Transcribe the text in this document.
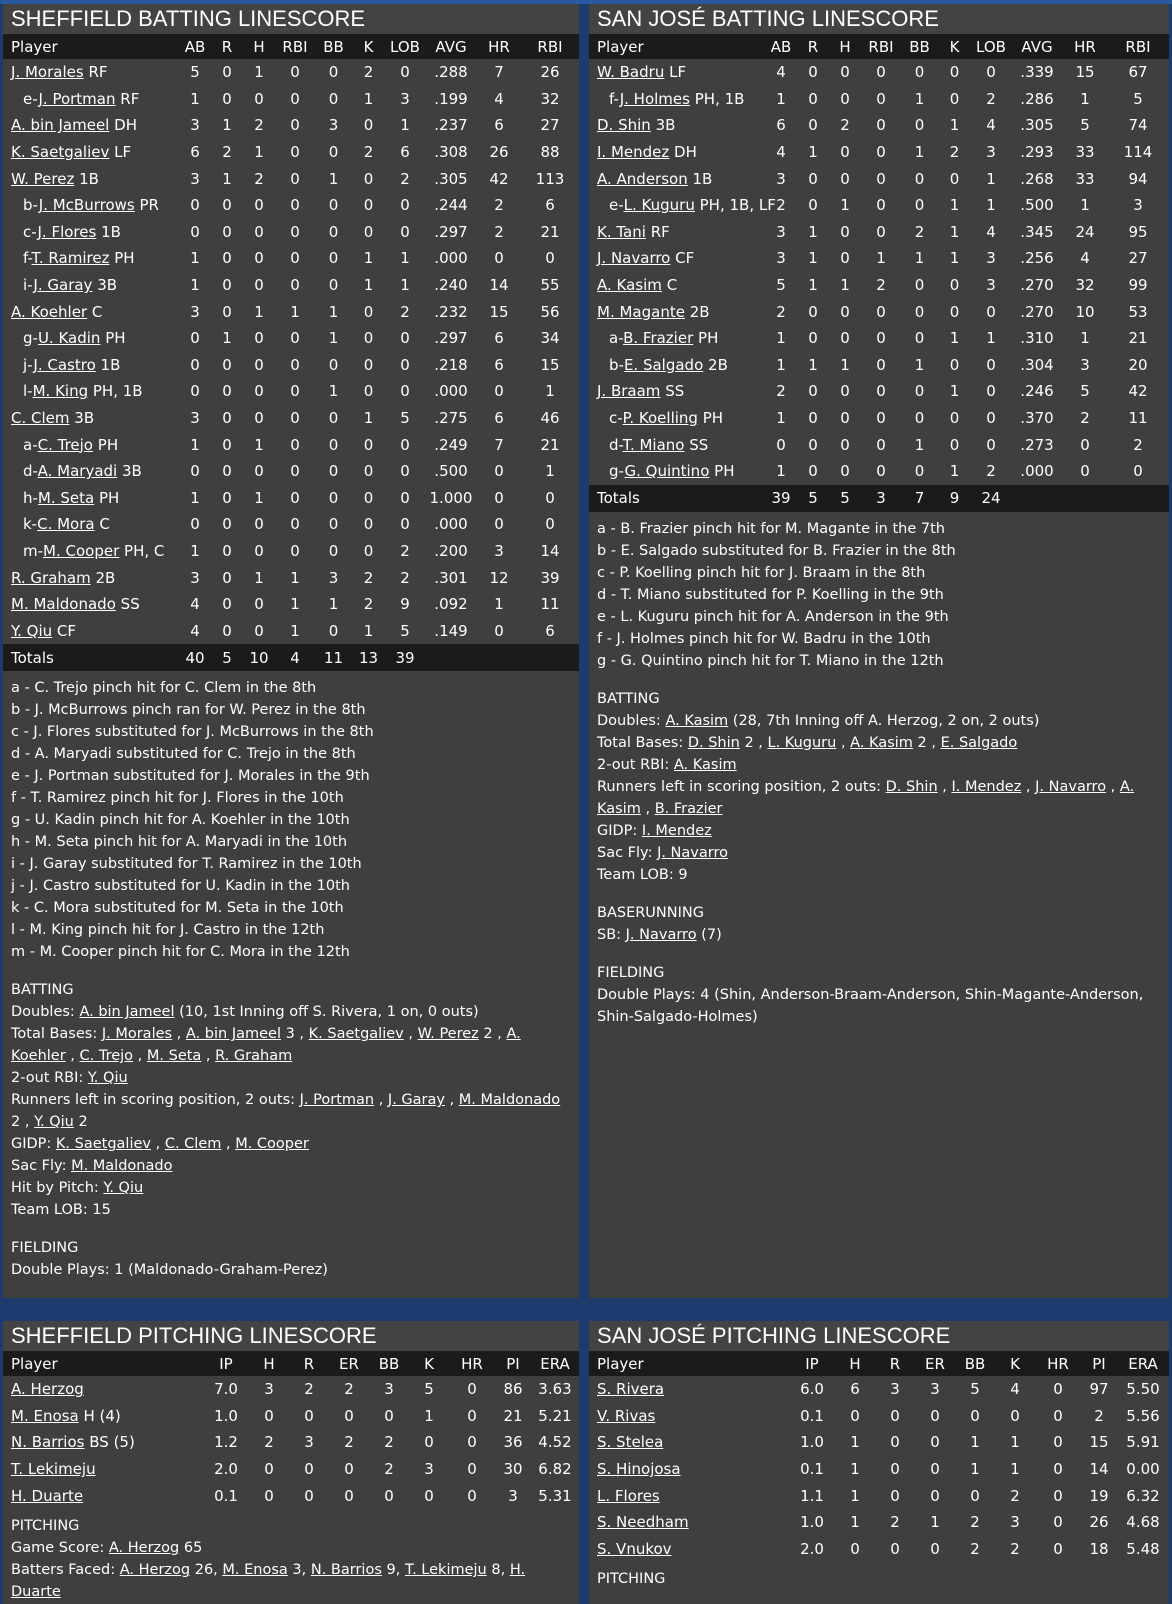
SHEFFIELD BATTING LINESCORE
Player	AB	R	H	RBI	BB	K	LOB	AVG	HR	RBI
J. Morales RF	5	0	1	0	0	2	0	.288	7	26
e-J. Portman RF	1	0	0	0	0	1	3	.199	4	32
A. bin Jameel DH	3	1	2	0	3	0	1	.237	6	27
K. Saetgaliev LF	6	2	1	0	0	2	6	.308	26	88
W. Perez 1B	3	1	2	0	1	0	2	.305	42	113
b-J. McBurrows PR	0	0	0	0	0	0	0	.244	2	6
c-J. Flores 1B	0	0	0	0	0	0	0	.297	2	21
f-T. Ramirez PH	1	0	0	0	0	1	1	.000	0	0
i-J. Garay 3B	1	0	0	0	0	1	1	.240	14	55
A. Koehler C	3	0	1	1	1	0	2	.232	15	56
g-U. Kadin PH	0	1	0	0	1	0	0	.297	6	34
j-J. Castro 1B	0	0	0	0	0	0	0	.218	6	15
l-M. King PH, 1B	0	0	0	0	1	0	0	.000	0	1
C. Clem 3B	3	0	0	0	0	1	5	.275	6	46
a-C. Trejo PH	1	0	1	0	0	0	0	.249	7	21
d-A. Maryadi 3B	0	0	0	0	0	0	0	.500	0	1
h-M. Seta PH	1	0	1	0	0	0	0	1.000	0	0
k-C. Mora C	0	0	0	0	0	0	0	.000	0	0
m-M. Cooper PH, C	1	0	0	0	0	0	2	.200	3	14
R. Graham 2B	3	0	1	1	3	2	2	.301	12	39
M. Maldonado SS	4	0	0	1	1	2	9	.092	1	11
Y. Qiu CF	4	0	0	1	0	1	5	.149	0	6
Totals	40	5	10	4	11	13	39			
a - C. Trejo pinch hit for C. Clem in the 8th
b - J. McBurrows pinch ran for W. Perez in the 8th
c - J. Flores substituted for J. McBurrows in the 8th
d - A. Maryadi substituted for C. Trejo in the 8th
e - J. Portman substituted for J. Morales in the 9th
f - T. Ramirez pinch hit for J. Flores in the 10th
g - U. Kadin pinch hit for A. Koehler in the 10th
h - M. Seta pinch hit for A. Maryadi in the 10th
i - J. Garay substituted for T. Ramirez in the 10th
j - J. Castro substituted for U. Kadin in the 10th
k - C. Mora substituted for M. Seta in the 10th
l - M. King pinch hit for J. Castro in the 12th
m - M. Cooper pinch hit for C. Mora in the 12th
BATTING
Doubles: A. bin Jameel (10, 1st Inning off S. Rivera, 1 on, 0 outs)
Total Bases: J. Morales , A. bin Jameel 3 , K. Saetgaliev , W. Perez 2 , A. Koehler , C. Trejo , M. Seta , R. Graham
2-out RBI: Y. Qiu
Runners left in scoring position, 2 outs: J. Portman , J. Garay , M. Maldonado 2 , Y. Qiu 2
GIDP: K. Saetgaliev , C. Clem , M. Cooper
Sac Fly: M. Maldonado
Hit by Pitch: Y. Qiu
Team LOB: 15
FIELDING
Double Plays: 1 (Maldonado-Graham-Perez)
SAN JOSÉ BATTING LINESCORE
Player	AB	R	H	RBI	BB	K	LOB	AVG	HR	RBI
W. Badru LF	4	0	0	0	0	0	0	.339	15	67
f-J. Holmes PH, 1B	1	0	0	0	1	0	2	.286	1	5
D. Shin 3B	6	0	2	0	0	1	4	.305	5	74
I. Mendez DH	4	1	0	0	1	2	3	.293	33	114
A. Anderson 1B	3	0	0	0	0	0	1	.268	33	94
e-L. Kuguru PH, 1B, LF	2	0	1	0	0	1	1	.500	1	3
K. Tani RF	3	1	0	0	2	1	4	.345	24	95
J. Navarro CF	3	1	0	1	1	1	3	.256	4	27
A. Kasim C	5	1	1	2	0	0	3	.270	32	99
M. Magante 2B	2	0	0	0	0	0	0	.270	10	53
a-B. Frazier PH	1	0	0	0	0	1	1	.310	1	21
b-E. Salgado 2B	1	1	1	0	1	0	0	.304	3	20
J. Braam SS	2	0	0	0	0	1	0	.246	5	42
c-P. Koelling PH	1	0	0	0	0	0	0	.370	2	11
d-T. Miano SS	0	0	0	0	1	0	0	.273	0	2
g-G. Quintino PH	1	0	0	0	0	1	2	.000	0	0
Totals	39	5	5	3	7	9	24			
a - B. Frazier pinch hit for M. Magante in the 7th
b - E. Salgado substituted for B. Frazier in the 8th
c - P. Koelling pinch hit for J. Braam in the 8th
d - T. Miano substituted for P. Koelling in the 9th
e - L. Kuguru pinch hit for A. Anderson in the 9th
f - J. Holmes pinch hit for W. Badru in the 10th
g - G. Quintino pinch hit for T. Miano in the 12th
BATTING
Doubles: A. Kasim (28, 7th Inning off A. Herzog, 2 on, 2 outs)
Total Bases: D. Shin 2 , L. Kuguru , A. Kasim 2 , E. Salgado
2-out RBI: A. Kasim
Runners left in scoring position, 2 outs: D. Shin , I. Mendez , J. Navarro , A. Kasim , B. Frazier
GIDP: I. Mendez
Sac Fly: J. Navarro
Team LOB: 9
BASERUNNING
SB: J. Navarro (7)
FIELDING
Double Plays: 4 (Shin, Anderson-Braam-Anderson, Shin-Magante-Anderson, Shin-Salgado-Holmes)
SHEFFIELD PITCHING LINESCORE
Player	IP	H	R	ER	BB	K	HR	PI	ERA
A. Herzog	7.0	3	2	2	3	5	0	86	3.63
M. Enosa H (4)	1.0	0	0	0	0	1	0	21	5.21
N. Barrios BS (5)	1.2	2	3	2	2	0	0	36	4.52
T. Lekimeju	2.0	0	0	0	2	3	0	30	6.82
H. Duarte	0.1	0	0	0	0	0	0	3	5.31
PITCHING
Game Score: A. Herzog 65
Batters Faced: A. Herzog 26, M. Enosa 3, N. Barrios 9, T. Lekimeju 8, H. Duarte
SAN JOSÉ PITCHING LINESCORE
Player	IP	H	R	ER	BB	K	HR	PI	ERA
S. Rivera	6.0	6	3	3	5	4	0	97	5.50
V. Rivas	0.1	0	0	0	0	0	0	2	5.56
S. Stelea	1.0	1	0	0	1	1	0	15	5.91
S. Hinojosa	0.1	1	0	0	1	1	0	14	0.00
L. Flores	1.1	1	0	0	0	2	0	19	6.32
S. Needham	1.0	1	2	1	2	3	0	26	4.68
S. Vnukov	2.0	0	0	0	2	2	0	18	5.48
PITCHING
